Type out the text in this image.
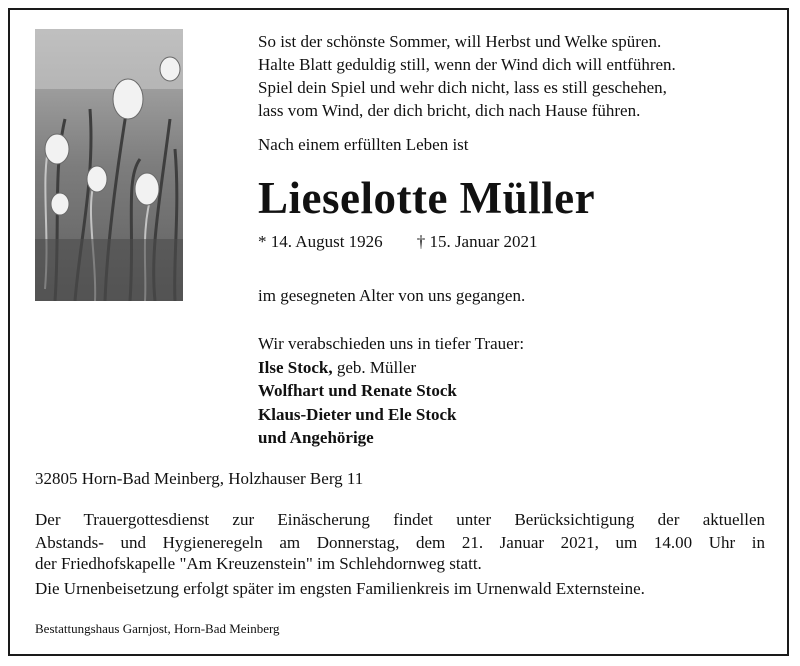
So ist der schönste Sommer, will Herbst und Welke spüren.
Halte Blatt geduldig still, wenn der Wind dich will entführen.
Spiel dein Spiel und wehr dich nicht, lass es still geschehen,
lass vom Wind, der dich bricht, dich nach Hause führen.
Nach einem erfüllten Leben ist
Lieselotte Müller
* 14. August 1926 † 15. Januar 2021
im gesegneten Alter von uns gegangen.
Wir verabschieden uns in tiefer Trauer:
Ilse Stock, geb. Müller
Wolfhart und Renate Stock
Klaus-Dieter und Ele Stock
und Angehörige
32805 Horn-Bad Meinberg, Holzhauser Berg 11
Der Trauergottesdienst zur Einäscherung findet unter Berücksichtigung der aktuellen
Abstands- und Hygieneregeln am Donnerstag, dem 21. Januar 2021, um 14.00 Uhr in
der Friedhofskapelle "Am Kreuzenstein" im Schlehdornweg statt.
Die Urnenbeisetzung erfolgt später im engsten Familienkreis im Urnenwald Externsteine.
Bestattungshaus Garnjost, Horn-Bad Meinberg
